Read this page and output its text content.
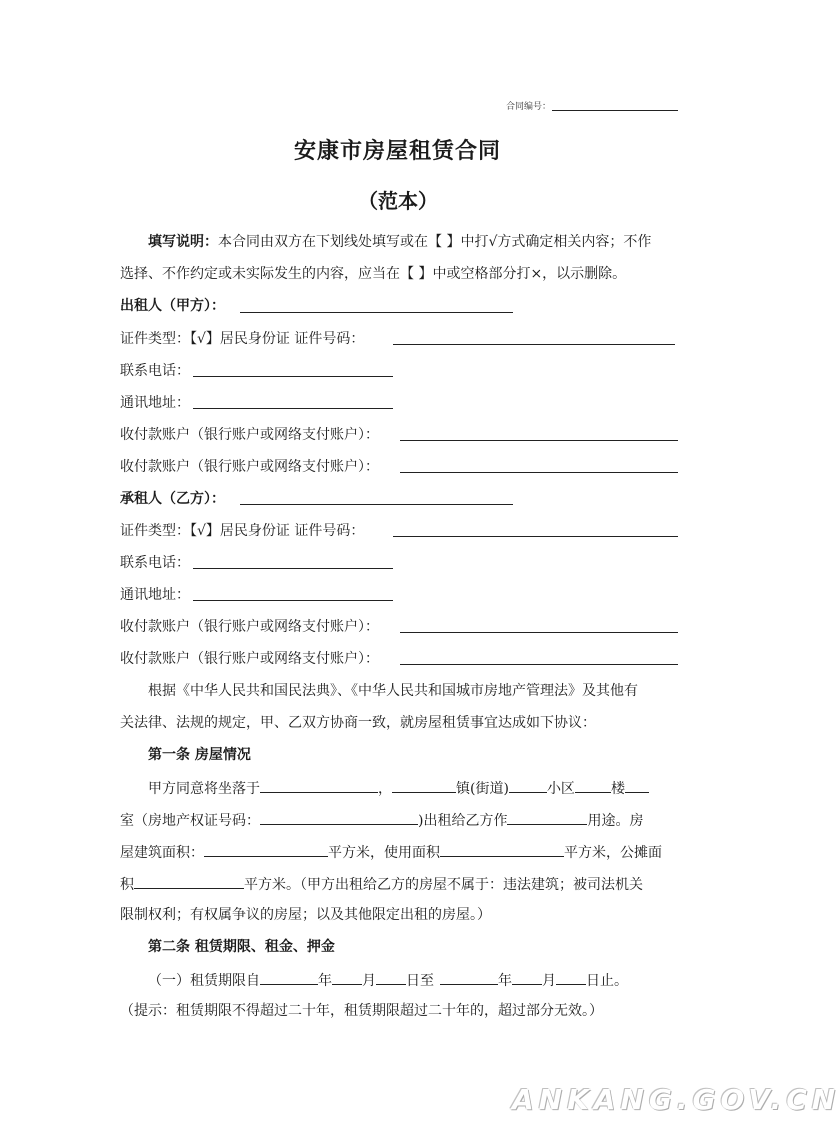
合同编号：
安康市房屋租赁合同
（范本）
填写说明：本合同由双方在下划线处填写或在【 】中打√方式确定相关内容；不作
选择、不作约定或未实际发生的内容，应当在【 】中或空格部分打×，以示删除。
出租人（甲方）：
证件类型：【√】居民身份证 证件号码：
联系电话：
通讯地址：
收付款账户（银行账户或网络支付账户）：
收付款账户（银行账户或网络支付账户）：
承租人（乙方）：
证件类型：【√】居民身份证 证件号码：
联系电话：
通讯地址：
收付款账户（银行账户或网络支付账户）：
收付款账户（银行账户或网络支付账户）：
根据《中华人民共和国民法典》、《中华人民共和国城市房地产管理法》及其他有
关法律、法规的规定，甲、乙双方协商一致，就房屋租赁事宜达成如下协议：
第一条 房屋情况
甲方同意将坐落于	，	镇(街道)	小区	楼
室（房地产权证号码：	)出租给乙方作	用途。房
屋建筑面积：	平方米，使用面积	平方米，公摊面
积	平方米。（甲方出租给乙方的房屋不属于：违法建筑；被司法机关
限制权利；有权属争议的房屋；以及其他限定出租的房屋。）
第二条 租赁期限、租金、押金
（一）租赁期限自	年 月 日至	年 月 日止。
（提示：租赁期限不得超过二十年，租赁期限超过二十年的，超过部分无效。）
ANKANG.GOV.CN
